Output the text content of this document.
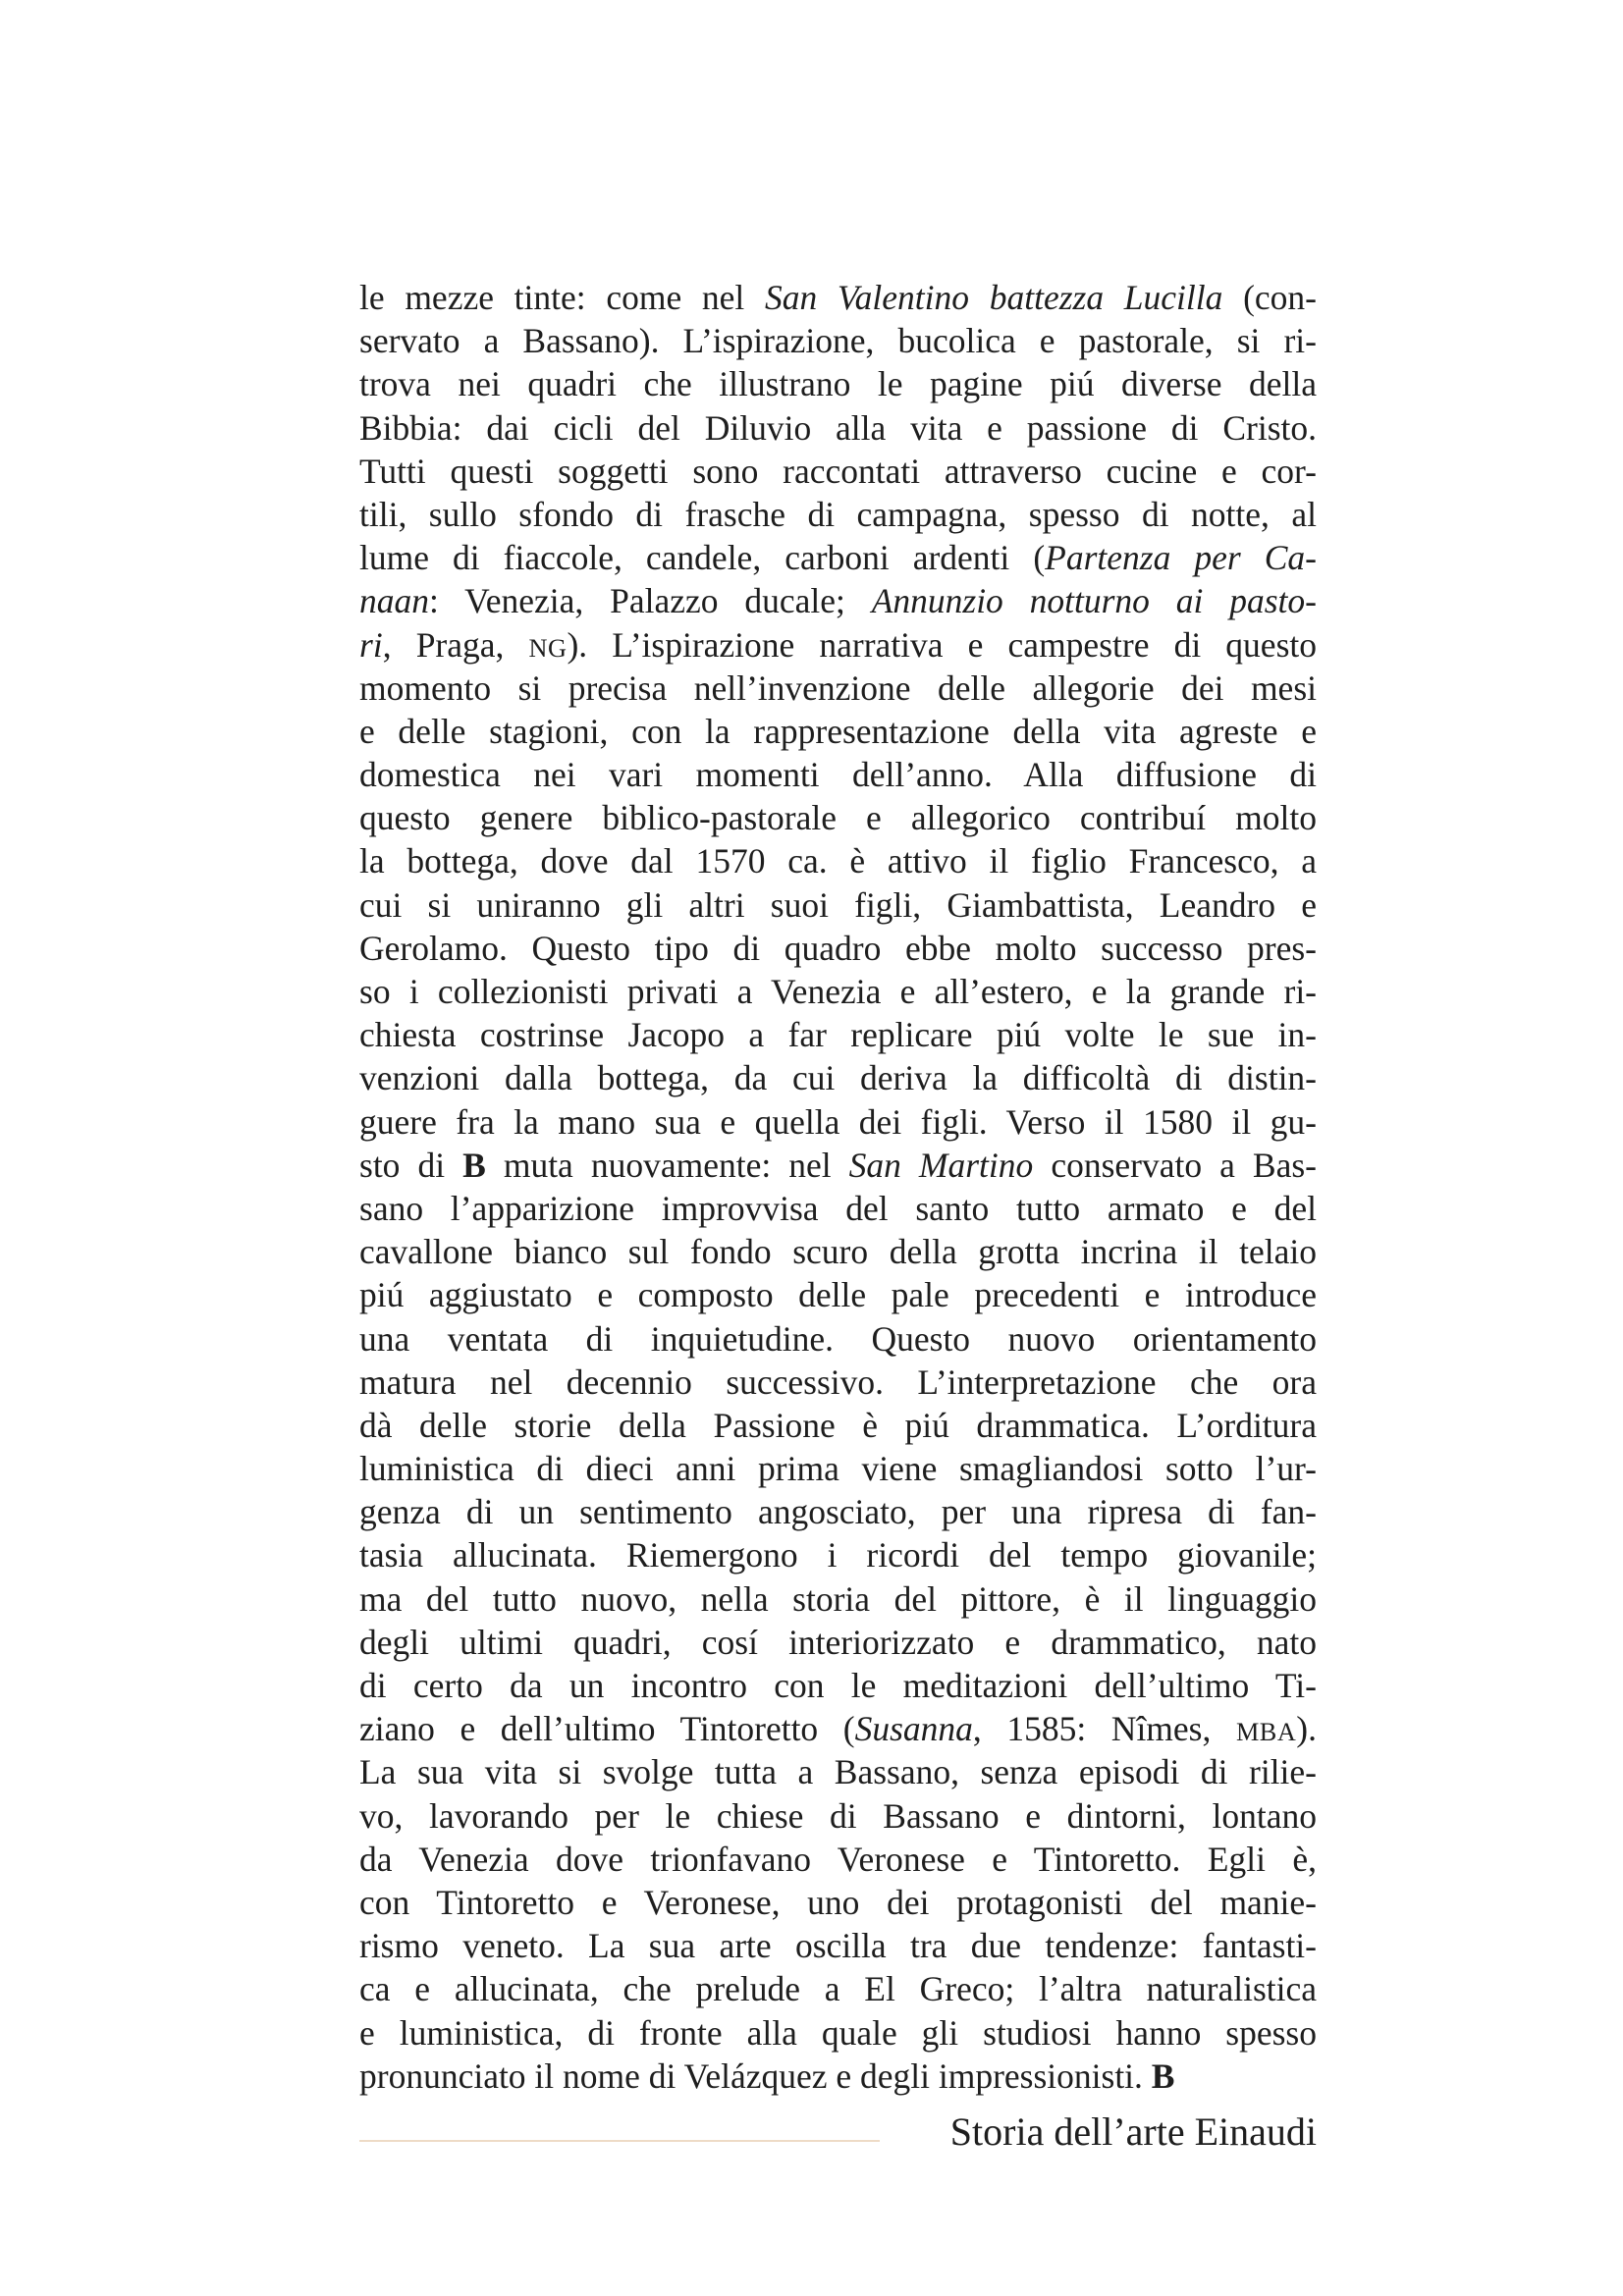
le mezze tinte: come nel San Valentino battezza Lucilla (con-
servato a Bassano). L’ispirazione, bucolica e pastorale, si ri-
trova nei quadri che illustrano le pagine piú diverse della
Bibbia: dai cicli del Diluvio alla vita e passione di Cristo.
Tutti questi soggetti sono raccontati attraverso cucine e cor-
tili, sullo sfondo di frasche di campagna, spesso di notte, al
lume di fiaccole, candele, carboni ardenti (Partenza per Ca-
naan: Venezia, Palazzo ducale; Annunzio notturno ai pasto-
ri, Praga, NG). L’ispirazione narrativa e campestre di questo
momento si precisa nell’invenzione delle allegorie dei mesi
e delle stagioni, con la rappresentazione della vita agreste e
domestica nei vari momenti dell’anno. Alla diffusione di
questo genere biblico-pastorale e allegorico contribuí molto
la bottega, dove dal 1570 ca. è attivo il figlio Francesco, a
cui si uniranno gli altri suoi figli, Giambattista, Leandro e
Gerolamo. Questo tipo di quadro ebbe molto successo pres-
so i collezionisti privati a Venezia e all’estero, e la grande ri-
chiesta costrinse Jacopo a far replicare piú volte le sue in-
venzioni dalla bottega, da cui deriva la difficoltà di distin-
guere fra la mano sua e quella dei figli. Verso il 1580 il gu-
sto di B muta nuovamente: nel San Martino conservato a Bas-
sano l’apparizione improvvisa del santo tutto armato e del
cavallone bianco sul fondo scuro della grotta incrina il telaio
piú aggiustato e composto delle pale precedenti e introduce
una ventata di inquietudine. Questo nuovo orientamento
matura nel decennio successivo. L’interpretazione che ora
dà delle storie della Passione è piú drammatica. L’orditura
luministica di dieci anni prima viene smagliandosi sotto l’ur-
genza di un sentimento angosciato, per una ripresa di fan-
tasia allucinata. Riemergono i ricordi del tempo giovanile;
ma del tutto nuovo, nella storia del pittore, è il linguaggio
degli ultimi quadri, cosí interiorizzato e drammatico, nato
di certo da un incontro con le meditazioni dell’ultimo Ti-
ziano e dell’ultimo Tintoretto (Susanna, 1585: Nîmes, MBA).
La sua vita si svolge tutta a Bassano, senza episodi di rilie-
vo, lavorando per le chiese di Bassano e dintorni, lontano
da Venezia dove trionfavano Veronese e Tintoretto. Egli è,
con Tintoretto e Veronese, uno dei protagonisti del manie-
rismo veneto. La sua arte oscilla tra due tendenze: fantasti-
ca e allucinata, che prelude a El Greco; l’altra naturalistica
e luministica, di fronte alla quale gli studiosi hanno spesso
pronunciato il nome di Velázquez e degli impressionisti. B
Storia dell’arte Einaudi
